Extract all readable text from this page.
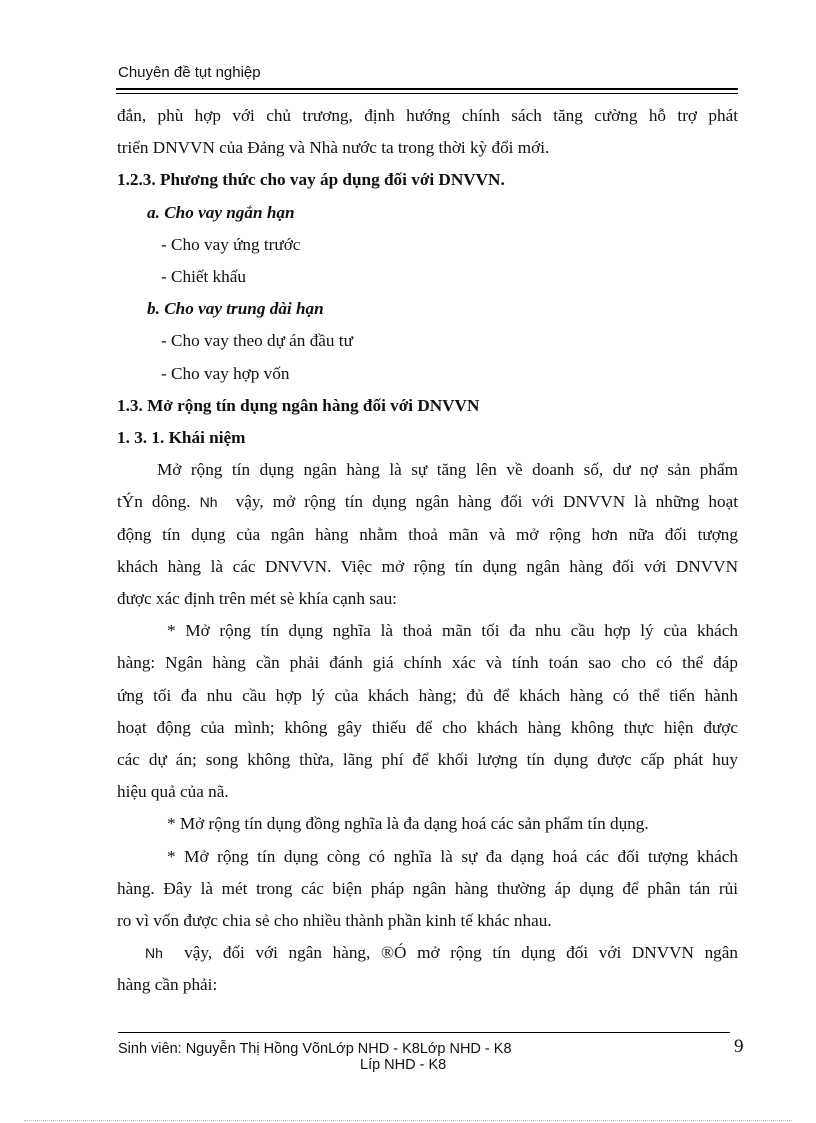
Chuyên đề tụt nghiệp

đắn, phù hợp với chủ trương, định hướng chính sách tăng cường hỗ trợ phát

triển DNVVN của Đảng và Nhà nước ta trong thời kỳ đổi mới.

1.2.3. Phương thức cho vay áp dụng đối với DNVVN.

a. Cho vay ngắn hạn

- Cho vay ứng trước

- Chiết khấu

b. Cho vay trung dài hạn

- Cho vay theo dự án đầu tư

- Cho vay hợp vốn

1.3. Mở rộng tín dụng ngân hàng đối với DNVVN

1. 3. 1. Khái niệm

Mở rộng tín dụng ngân hàng là sự tăng lên về doanh số, dư nợ sản phẩm

tÝn dông. Nh vậy, mở rộng tín dụng ngân hàng đối với DNVVN là những hoạt

động tín dụng của ngân hàng nhằm thoả mãn và mở rộng hơn nữa đối tượng

khách hàng là các DNVVN. Việc mở rộng tín dụng ngân hàng đối với DNVVN

được xác định trên mét sè khía cạnh sau:

* Mở rộng tín dụng nghĩa là thoả mãn tối đa nhu cầu hợp lý của khách

hàng: Ngân hàng cần phải đánh giá chính xác và tính toán sao cho có thể đáp

ứng tối đa nhu cầu hợp lý của khách hàng; đủ để khách hàng có thể tiến hành

hoạt động của mình; không gây thiếu để cho khách hàng không thực hiện được

các dự án; song không thừa, lãng phí để khối lượng tín dụng được cấp phát huy

hiệu quả của nã.

* Mở rộng tín dụng đồng nghĩa là đa dạng hoá các sản phẩm tín dụng.

* Mở rộng tín dụng còng có nghĩa là sự đa dạng hoá các đối tượng khách

hàng. Đây là mét trong các biện pháp ngân hàng thường áp dụng để phân tán rủi

ro vì vốn được chia sẻ cho nhiều thành phần kinh tế khác nhau.

Nh vậy, đối với ngân hàng, ®Ó mở rộng tín dụng đối với DNVVN ngân

hàng cần phải:

Sinh viên: Nguyễn Thị Hồng VõnLớp NHD - K8Lớp NHD - K8
Líp NHD - K8
9
